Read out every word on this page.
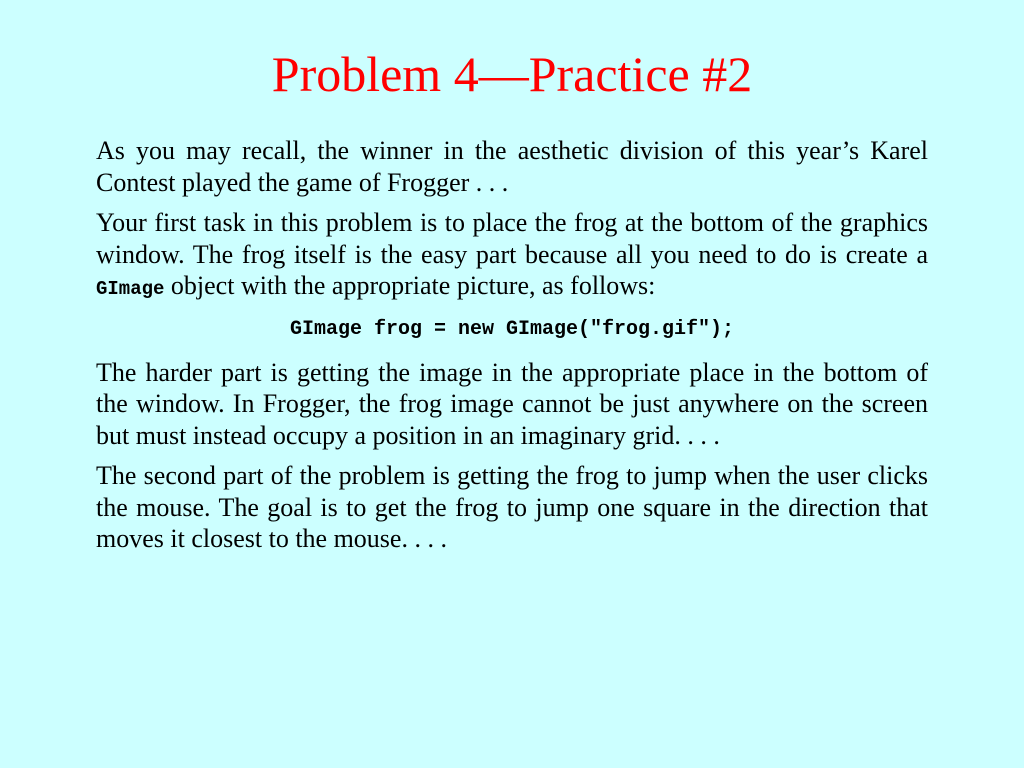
Problem 4—Practice #2

As you may recall, the winner in the aesthetic division of this year’s Karel Contest played the game of Frogger . . .

Your first task in this problem is to place the frog at the bottom of the graphics window. The frog itself is the easy part because all you need to do is create a GImage object with the appropriate picture, as follows:

GImage frog = new GImage("frog.gif");

The harder part is getting the image in the appropriate place in the bottom of the window. In Frogger, the frog image cannot be just anywhere on the screen but must instead occupy a position in an imaginary grid. . . .

The second part of the problem is getting the frog to jump when the user clicks the mouse. The goal is to get the frog to jump one square in the direction that moves it closest to the mouse. . . .
